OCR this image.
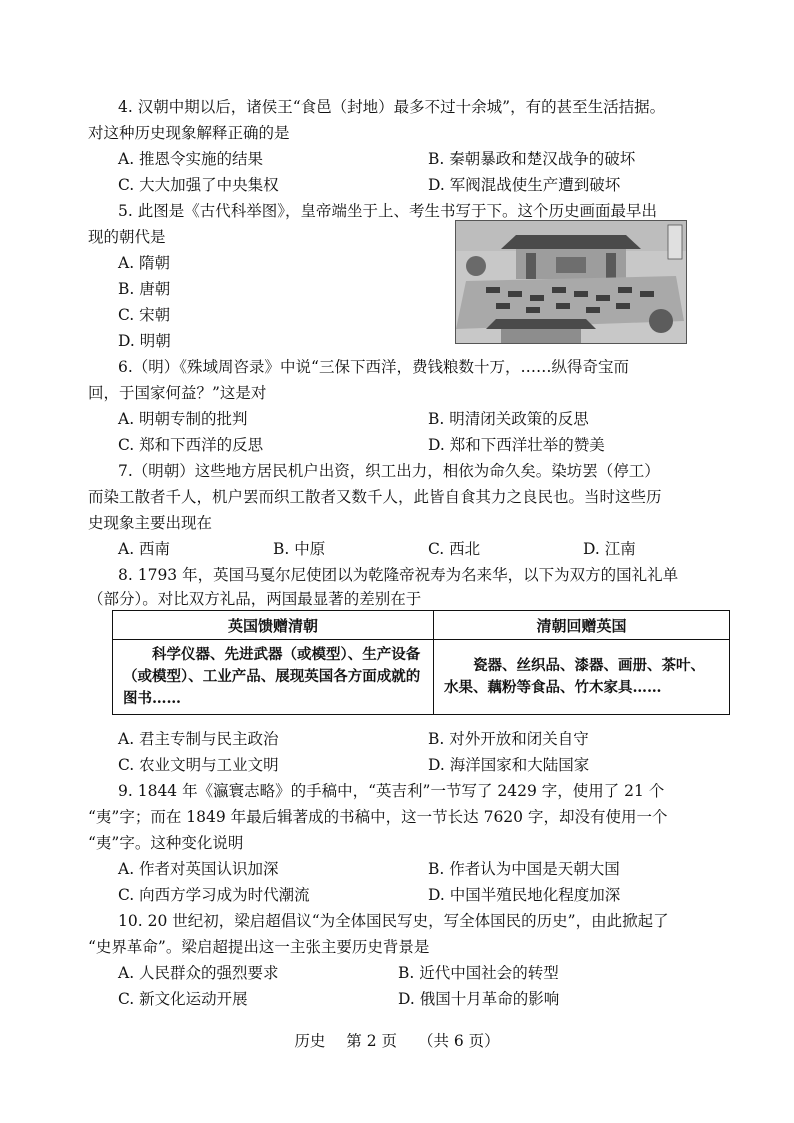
4. 汉朝中期以后，诸侯王“食邑（封地）最多不过十余城”，有的甚至生活拮据。
对这种历史现象解释正确的是
A. 推恩令实施的结果	B. 秦朝暴政和楚汉战争的破坏
C. 大大加强了中央集权	D. 军阀混战使生产遭到破坏
5. 此图是《古代科举图》，皇帝端坐于上、考生书写于下。这个历史画面最早出
现的朝代是
A. 隋朝
B. 唐朝
C. 宋朝
D. 明朝
6.（明）《殊域周咨录》中说“三保下西洋，费钱粮数十万，……纵得奇宝而
回，于国家何益？”这是对
A. 明朝专制的批判	B. 明清闭关政策的反思
C. 郑和下西洋的反思	D. 郑和下西洋壮举的赞美
7.（明朝）这些地方居民机户出资，织工出力，相依为命久矣。染坊罢（停工）
而染工散者千人，机户罢而织工散者又数千人，此皆自食其力之良民也。当时这些历
史现象主要出现在
A. 西南	B. 中原	C. 西北	D. 江南
8. 1793 年，英国马戛尔尼使团以为乾隆帝祝寿为名来华，以下为双方的国礼礼单
（部分）。对比双方礼品，两国最显著的差别在于
英国馈赠清朝	清朝回赠英国
科学仪器、先进武器（或模型）、生产设备（或模型）、工业产品、展现英国各方面成就的图书……	瓷器、丝织品、漆器、画册、茶叶、水果、藕粉等食品、竹木家具……
A. 君主专制与民主政治	B. 对外开放和闭关自守
C. 农业文明与工业文明	D. 海洋国家和大陆国家
9. 1844 年《瀛寰志略》的手稿中，“英吉利”一节写了 2429 字，使用了 21 个
“夷”字；而在 1849 年最后辑著成的书稿中，这一节长达 7620 字，却没有使用一个
“夷”字。这种变化说明
A. 作者对英国认识加深	B. 作者认为中国是天朝大国
C. 向西方学习成为时代潮流	D. 中国半殖民地化程度加深
10. 20 世纪初，梁启超倡议“为全体国民写史，写全体国民的历史”，由此掀起了
“史界革命”。梁启超提出这一主张主要历史背景是
A. 人民群众的强烈要求	B. 近代中国社会的转型
C. 新文化运动开展	D. 俄国十月革命的影响
历史 第 2 页 （共 6 页）
